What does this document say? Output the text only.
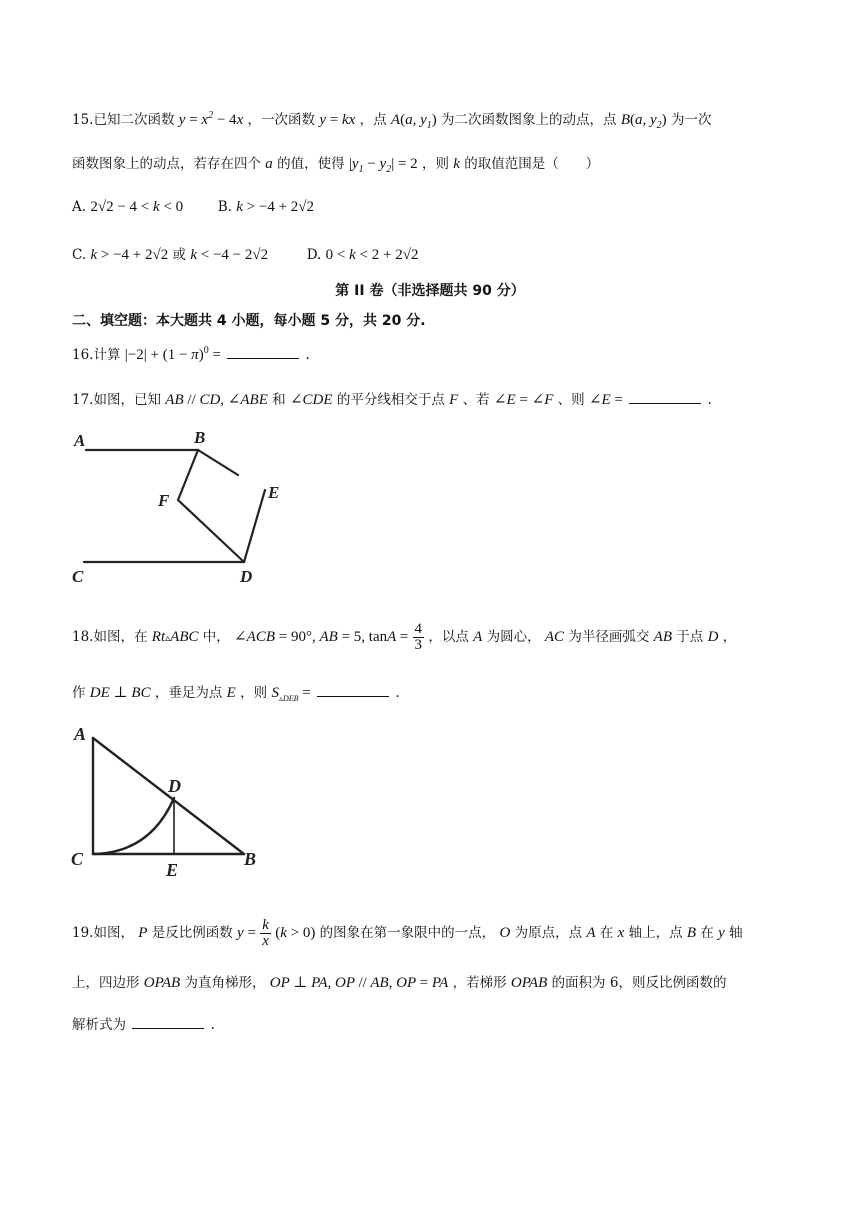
15.已知二次函数 $y = x^2 - 4x$ ，一次函数 y = kx ，点 A(a, $y_1$) 为二次函数图象上的动点，点 B(a, $y_2$) 为一次
函数图象上的动点，若存在四个 a 的值，使得 $|y_1 - y_2| = 2$ ，则 k 的取值范围是（　　）
A. 2√2 − 4 < k < 0	B. k > −4 + 2√2
C. k > −4 + 2√2 或 k < −4 − 2√2	D. 0 < k < 2 + 2√2
第 II 卷（非选择题共 90 分）
二、填空题：本大题共 4 小题，每小题 5 分，共 20 分.
16.计算 $|-2| + (1 - \pi)^0$ =	.
17.如图，已知 AB // CD, ∠ABE 和 ∠CDE 的平分线相交于点 F 、若 ∠E = ∠F 、则 ∠E =	.
A	B
F	E
C	D
18.如图，在 Rt▵ABC 中， ∠ACB = 90°, AB = 5, $\tan A = \frac{4}{3}$ ，以点 A 为圆心， AC 为半径画弧交 AB 于点 D ，
作 DE ⊥ BC ，垂足为点 E ，则 $S_{▵DEB}$ =	.
A
D
C
E
B
19.如图， P 是反比例函数 $y = \frac{k}{x} (k > 0)$ 的图象在第一象限中的一点， O 为原点，点 A 在 x 轴上，点 B 在 y 轴
上，四边形 OPAB 为直角梯形， OP ⊥ PA, OP // AB, OP = PA ，若梯形 OPAB 的面积为 6，则反比例函数的
解析式为	.
